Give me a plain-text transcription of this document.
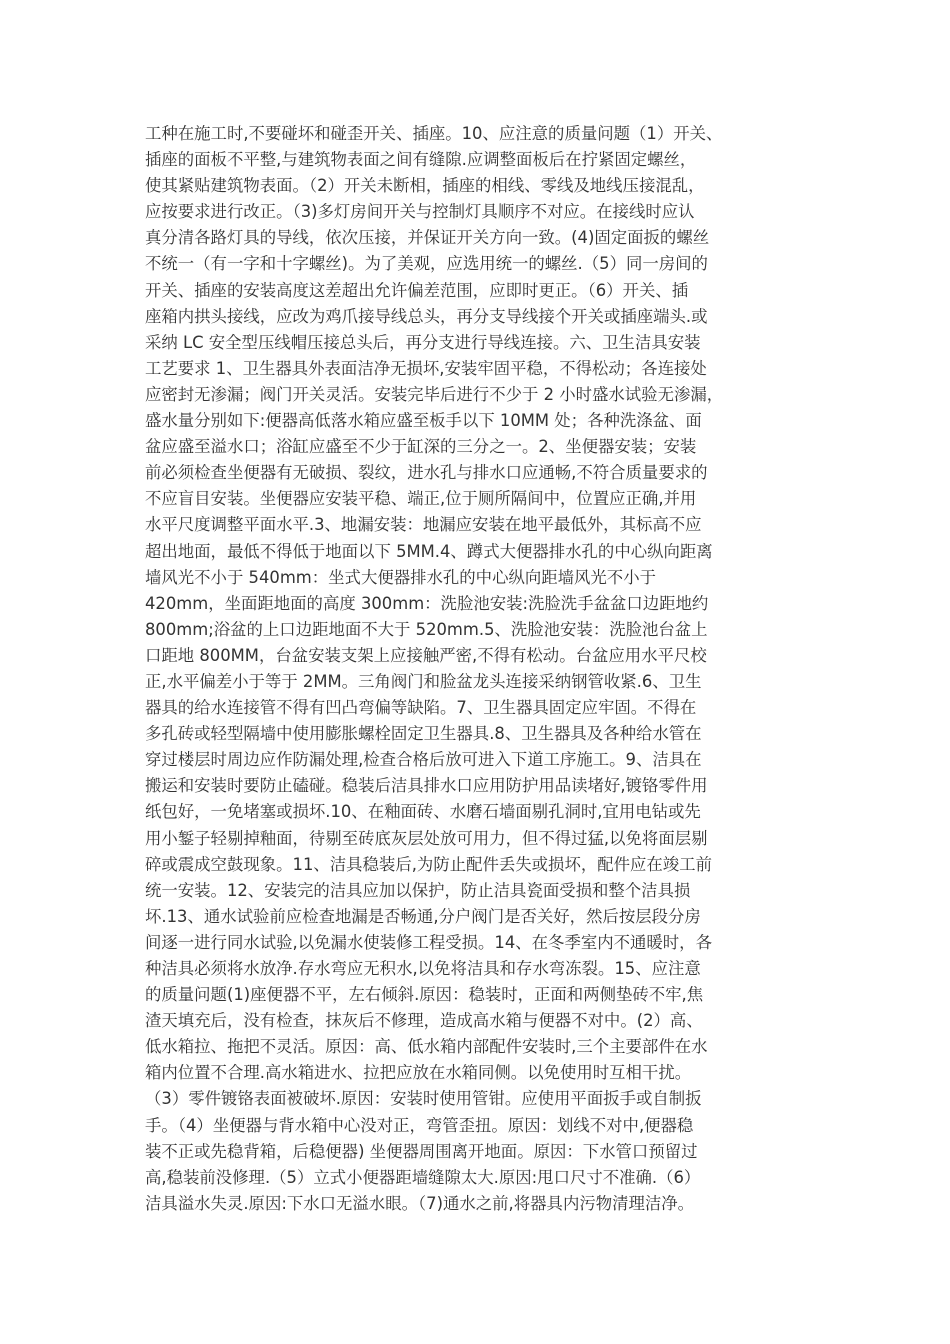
工种在施工时,不要碰坏和碰歪开关、插座。10、应注意的质量问题（1）开关、
插座的面板不平整,与建筑物表面之间有缝隙.应调整面板后在拧紧固定螺丝，
使其紧贴建筑物表面。（2）开关未断相，插座的相线、零线及地线压接混乱，
应按要求进行改正。（3)多灯房间开关与控制灯具顺序不对应。在接线时应认
真分清各路灯具的导线，依次压接，并保证开关方向一致。(4)固定面扳的螺丝
不统一（有一字和十字螺丝)。为了美观，应选用统一的螺丝.（5）同一房间的
开关、插座的安装高度这差超出允许偏差范围，应即时更正。（6）开关、插
座箱内拱头接线，应改为鸡爪接导线总头，再分支导线接个开关或插座端头.或
采纳 LC 安全型压线帽压接总头后，再分支进行导线连接。六、卫生洁具安装
工艺要求 1、卫生器具外表面洁净无损坏,安装牢固平稳，不得松动；各连接处
应密封无渗漏；阀门开关灵活。安装完毕后进行不少于 2 小时盛水试验无渗漏，
盛水量分别如下:便器高低落水箱应盛至板手以下 10MM 处；各种洗涤盆、面
盆应盛至溢水口；浴缸应盛至不少于缸深的三分之一。2、坐便器安装；安装
前必须检查坐便器有无破损、裂纹，进水孔与排水口应通畅,不符合质量要求的
不应盲目安装。坐便器应安装平稳、端正,位于厕所隔间中，位置应正确,并用
水平尺度调整平面水平.3、地漏安装：地漏应安装在地平最低外，其标高不应
超出地面，最低不得低于地面以下 5MM.4、蹲式大便器排水孔的中心纵向距离
墙风光不小于 540mm：坐式大便器排水孔的中心纵向距墙风光不小于
420mm，坐面距地面的高度 300mm：洗脸池安装:洗脸洗手盆盆口边距地约
800mm;浴盆的上口边距地面不大于 520mm.5、洗脸池安装：洗脸池台盆上
口距地 800MM，台盆安装支架上应接触严密,不得有松动。台盆应用水平尺校
正,水平偏差小于等于 2MM。三角阀门和脸盆龙头连接采纳钢管收紧.6、卫生
器具的给水连接管不得有凹凸弯偏等缺陷。7、卫生器具固定应牢固。不得在
多孔砖或轻型隔墙中使用膨胀螺栓固定卫生器具.8、卫生器具及各种给水管在
穿过楼层时周边应作防漏处理,检查合格后放可进入下道工序施工。9、洁具在
搬运和安装时要防止磕碰。稳装后洁具排水口应用防护用品读堵好,镀铬零件用
纸包好，一免堵塞或损坏.10、在釉面砖、水磨石墙面剔孔洞时,宜用电钻或先
用小錾子轻剔掉釉面，待剔至砖底灰层处放可用力，但不得过猛,以免将面层剔
碎或震成空鼓现象。11、洁具稳装后,为防止配件丢失或损坏，配件应在竣工前
统一安装。12、安装完的洁具应加以保护，防止洁具瓷面受损和整个洁具损
坏.13、通水试验前应检查地漏是否畅通,分户阀门是否关好，然后按层段分房
间逐一进行同水试验,以免漏水使装修工程受损。14、在冬季室内不通暖时，各
种洁具必须将水放净.存水弯应无积水,以免将洁具和存水弯冻裂。15、应注意
的质量问题(1)座便器不平，左右倾斜.原因：稳装时，正面和两侧垫砖不牢,焦
渣天填充后，没有检查，抹灰后不修理，造成高水箱与便器不对中。(2）高、
低水箱拉、拖把不灵活。原因：高、低水箱内部配件安装时,三个主要部件在水
箱内位置不合理.高水箱进水、拉把应放在水箱同侧。以免使用时互相干扰。
（3）零件镀铬表面被破坏.原因：安装时使用管钳。应使用平面扳手或自制扳
手。（4）坐便器与背水箱中心没对正，弯管歪扭。原因：划线不对中,便器稳
装不正或先稳背箱，后稳便器) 坐便器周围离开地面。原因：下水管口预留过
高,稳装前没修理.（5）立式小便器距墙缝隙太大.原因:甩口尺寸不准确.（6）
洁具溢水失灵.原因:下水口无溢水眼。（7)通水之前,将器具内污物清理洁净。
